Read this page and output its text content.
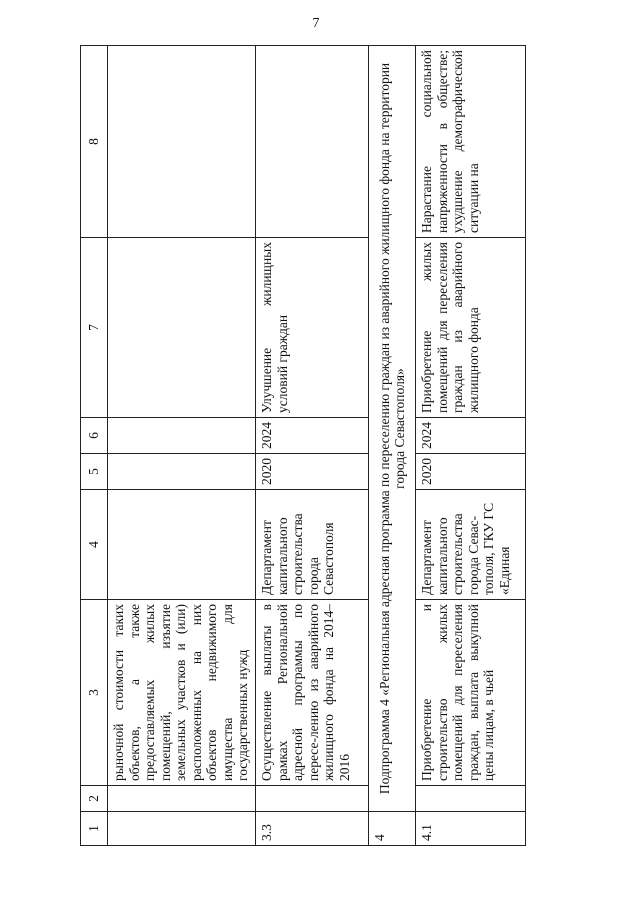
7
1	2	3	4	5	6	7	8
		рыночной стоимости таких объектов, а также предоставляемых жилых помещений, изъятие земельных участков и (или) расположенных на них объектов недвижимого имущества для государственных нужд					
3.3		Осуществление выплаты в рамках Региональной адресной программы по пересе-лению из аварийного жилищного фонда на 2014–2016	Департамент капитального строительства города Севастополя	2020	2024	Улучшение жилищных условий граждан	
4	Подпрограмма 4 «Региональная адресная программа по переселению граждан из аварийного жилищного фонда на территории города Севастополя»						
4.1		Приобретение и строительство жилых помещений для переселения граждан, выплата выкупной цены лицам, в чьей	Департамент капитального строительства города Севас-тополя, ГКУ ГС «Единая	2020	2024	Приобретение жилых помещений для переселения граждан из аварийного жилищного фонда	Нарастание социальной напряженности в обществе; ухудшение демографической ситуации на
